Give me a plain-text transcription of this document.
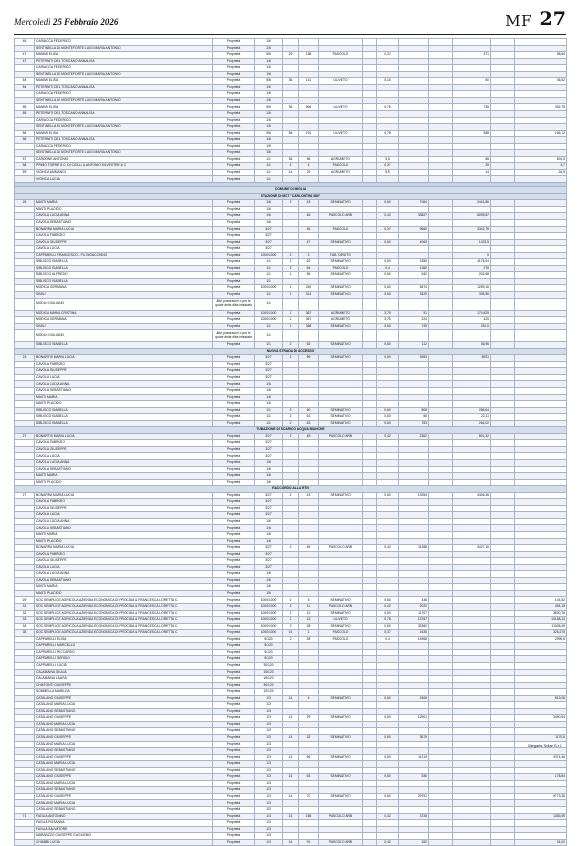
Mercoledì 25 Febbraio 2026	MF 27
46	CARIACCA FEDERICO	Proprietà	1/6										
	SENTINELLA DI MONTEFORTE LUIGI MARIA ANTONIO	Proprietà	1/6										
47	MANIMI ELISA	Proprietà	5/6	29	138	PASCOLO		0,37			371		98,64
47	PETERNITI DEL TOSCANO ANNALISA	Proprietà	1/6										
	CARIACCA FEDERICO	Proprietà	1/6										
	SENTINELLA DI MONTEFORTE LUIGI MARIA ANTONIO	Proprietà	1/6										
54	MANIMI ELISA	Proprietà	5/6	36	141	ULIVETO		0,18			60		36,52
54	PETERNITI DEL TOSCANO ANNALISA	Proprietà	1/6										
	CARIACCA FEDERICO	Proprietà	1/6										
	SENTINELLA DI MONTEFORTE LUIGI MARIA ANTONIO	Proprietà	1/6										
55	MANIMI ELISA	Proprietà	5/6	36	964	ULIVETO		0,75			735		392,75
55	PETERNITI DEL TOSCANO ANNALISA	Proprietà	1/6										
	CARIACCA FEDERICO	Proprietà	1/6										
	SENTINELLA DI MONTEFORTE LUIGI MARIA ANTONIO	Proprietà	1/6										
56	MANIMI ELISA	Proprietà	5/6	36	151	ULIVETO		0,78			588		156,12
56	PETERNITI DEL TOSCANO ANNALISA	Proprietà	1/6										
	CARIACCA FEDERICO	Proprietà	1/6										
	SENTINELLA DI MONTEFORTE LUIGI MARIA ANTONIO	Proprietà	1/6										
57	CARDONE ANTONIO	Proprietà	1/1	36	56	AGRUMETO		5,5			58		601,5
58	PRIMO TORRE S.C. DI CIOLLI & ANTONIO SILVESTRE & C	Proprietà	1/1	4	4	PASCOLO		0,37			26		3,7
59	VICINCA AMMANGI	Proprietà	1/1	14	29	AGRUMETO		5,5			14		24,5
	VICINCA LUCIA	Proprietà	1/1										

COMUNE DI MIGLIA													
STAZIONE DI MCT "CARLONTINI 380"													
25	MASTI MARIA	Proprietà	1/6	2	43	SEMINATIVO		0,60	7084		2441,86		
	MASTI PLACIDO	Proprietà	1/6										
	CAVOLA LUCIA ANNA	Proprietà	1/6		45	PASCOLO ARB		0,42	43827		8099,67		
	CAVOLA SEBASTIANO	Proprietà	1/6										
	BONARRA MARIA LUCIA	Proprietà	3/27		45	PASCOLO		0,37	9660		3342,76		
	CAVOLA FABRIZIO	Proprietà	3/27										
	CAVOLA GIUSEPPE	Proprietà	3/27		47	SEMINATIVO		0,60	4063		1423,5		
	CAVOLA LUCIA	Proprietà	3/27										
	CAPPARELLI FRANCESCO - FU GIOACCHINO	Proprietà	1000/1000	2	2	FAB. DIRUTO					0		
	SIBLISCO ISABELLA	Proprietà	1/1	2	62	SEMINATIVO		0,60	2350		4175,04		
	SIBLISCO ISABELLA	Proprietà	1/1	2	64	PASCOLO		0,4	1360		276		
	SIBLISCO ALFREDO	Proprietà	1/1	1	55	SEMINATIVO		0,60	632		202,68		
	SIBLISCO ISABELLA	Proprietà	1/1										
	MODICA GERMANA	Proprietà	1000/1000	1	240	SEMINATIVO		0,60	5674		1259,16		
	SIMILI	Proprietà	1/1	1	314	SEMINATIVO		0,60	3429		336,96		
	MODILI GIULIANO	Altri possessori o per le quote della ditta intestata	1/1										
	MODICA MARIA CRISTINA	Proprietà	1000/1000	1	367	AGRUMETO		3,75	91		170,625		
	MODICA GERMANA	Proprietà	1000/1000	1	367	AGRUMETO		3,75	224		420		
	SIMILI	Proprietà	1/1	1	368	SEMINATIVO		0,60	745		251,6		
	MODILI GIULIANO	Altri possessori o per le quote della ditta intestata	1/1										
	SIBLISCO ISABELLA	Proprietà	1/1	2	62	SEMINATIVO		0,60	112		36,96		
NUOVA STRADA DI ACCESSO													
23	BONARTIS MARIA LUCIA	Proprietà	3/27	2	59	SEMINATIVO		0,60	3983		5921		
	CAVOLA FABRIZIO	Proprietà	3/27										
	CAVOLA GIUSEPPE	Proprietà	3/27										
	CAVOLA LUCIA	Proprietà	3/27										
	CAVOLA LUCIA ANNA	Proprietà	1/6										
	CAVOLA SEBASTIANO	Proprietà	1/6										
	MASTI MARIA	Proprietà	1/6										
	MASTI PLACIDO	Proprietà	1/6										
	SIBLISCO ISABELLA	Proprietà	1/1	2	60	SEMINATIVO		0,60	808		266,64		
	SIBLISCO ISABELLA	Proprietà	1/1	2	61	SEMINATIVO		0,60	66		22,11		
	SIBLISCO ISABELLA	Proprietà	1/1	2	63	SEMINATIVO		0,60	783		264,02		
TUBAZIONE DI SCARICO ACQUA BIANCHE													
27	BONARTIS MARIA LUCIA	Proprietà	3/27	2	45	PASCOLO ARB		0,42	2362		801,32		
	CAVOLA FABRIZIO	Proprietà	3/27										
	CAVOLA GIUSEPPE	Proprietà	3/27										
	CAVOLA LUCIA	Proprietà	3/27										
	CAVOLA LUCIA ANNA	Proprietà	1/6										
	CAVOLA SEBASTIANO	Proprietà	1/6										
	MASTI MARIA	Proprietà	1/6										
	MASTI PLACIDO	Proprietà	1/6										
RACCORDO ALLA RTN													
27	BONARRA MARIA LUCIA	Proprietà	3/27	2	43	SEMINATIVO		0,60	13354		4406,36		
	CAVOLA FABRIZIO	Proprietà	3/27										
	CAVOLA GIUSEPPE	Proprietà	3/27										
	CAVOLA LUCIA	Proprietà	3/27										
	CAVOLA LUCIA ANNA	Proprietà	1/6										
	CAVOLA SEBASTIANO	Proprietà	1/6										
	MASTI MARIA	Proprietà	1/6										
	MASTI PLACIDO	Proprietà	1/6										
	BONARRA MARIA LUCIA	Proprietà	3/27	2	45	PASCOLO ARB		0,42	11358		3427,16		
	CAVOLA FABRIZIO	Proprietà	3/27										
	CAVOLA GIUSEPPE	Proprietà	3/27										
	CAVOLA LUCIA	Proprietà	3/27										
	CAVOLA LUCIA ANNA	Proprietà	1/6										
	CAVOLA SEBASTIANO	Proprietà	1/6										
	MASTI MARIA	Proprietà	1/6										
	MASTI PLACIDO	Proprietà	1/6										
29	SOC.SEMPLICE AGRICOLA AZIENDA ECONOMICA DI PROCIDA & FRANCESCA LORETTA C.	Proprietà	1000/1000	2	5	SEMINATIVO		0,60	436				144,52
31	SOC.SEMPLICE AGRICOLA AZIENDA ECONOMICA DI PROCIDA & FRANCESCA LORETTA C.	Proprietà	1000/1000	2	11	PASCOLO ARB		0,42	2020				494,15
32	SOC.SEMPLICE AGRICOLA AZIENDA ECONOMICA DI PROCIDA & FRANCESCA LORETTA C.	Proprietà	1000/1000	2	12	SEMINATIVO		0,60	11707				3830,76
33	SOC.SEMPLICE AGRICOLA AZIENDA ECONOMICA DI PROCIDA & FRANCESCA LORETTA C.	Proprietà	1000/1000	2	13	ULIVETO		0,78	13767				10188,13
34	SOC.SEMPLICE AGRICOLA AZIENDA ECONOMICA DI PROCIDA & FRANCESCA LORETTA C.	Proprietà	1000/1000	2	28	SEMINATIVO		0,60	33360				11005,49
35	SOC.SEMPLICE AGRICOLA AZIENDA ECONOMICA DI PROCIDA & FRANCESCA LORETTA C.	Proprietà	1000/1000	14	1	PASCOLO		0,37	1635				326,275
	CAPPARELLI ELISA	Proprietà	5/120	2	28	PASCOLO		0,4	14968				2990,6
	CAPPARELLI MARCELLO	Proprietà	5/120										
	CAPPARELLI RICCARDO	Proprietà	5/120										
	CAPPARELLI SERGIO	Proprietà	5/120										
	CAPPARELLI LUCIA	Proprietà	30/120										
	CALAMAINA GIULIA	Proprietà	15/120										
	CALAMAINA LAURA	Proprietà	15/120										
	CHIATONTI GIUSEPPE	Proprietà	30/120										
	SOMMELLA MARILDA	Proprietà	10/120										
	CATALANO GIUSEPPE	Proprietà	1/3	14	4	SEMINATIVO		0,60	2408				813,08
	CATALANO MARIA LUCIA	Proprietà	1/3										
	CATALANO SEBASTIANO	Proprietà	1/3										
	CATALANO GIUSEPPE	Proprietà	1/3	14	29	SEMINATIVO		0,60	12901				3490,54
	CATALANO MARIA LUCIA	Proprietà	1/3										
	CATALANO SEBASTIANO	Proprietà	1/3										
	CATALANO GIUSEPPE	Proprietà	1/3	14	32	SEMINATIVO		0,60	3679				1170,6
	CATALANO MARIA LUCIA	Proprietà	1/3										
	CATALANO SEBASTIANO	Proprietà	1/3										
	CATALANO GIUSEPPE	Proprietà	1/3	14	65	SEMINATIVO		0,60	11219				3374,46
	CATALANO MARIA LUCIA	Proprietà	1/3										
	CATALANO SEBASTIANO	Proprietà	1/3										
	CATALANO GIUSEPPE	Proprietà	1/3	14	63	SEMINATIVO		0,60	536				178,84
	CATALANO MARIA LUCIA	Proprietà	1/3										
	CATALANO SEBASTIANO	Proprietà	1/3										
	CATALANO GIUSEPPE	Proprietà	1/3	14	70	SEMINATIVO		0,60	29751				9773,36
	CATALANO MARIA LUCIA	Proprietà	1/3										
	CATALANO SEBASTIANO	Proprietà	1/3										
71	FAGLIA ANTONINO	Proprietà	1/3	14	155	PASCOLO ARB		0,42	3728				1383,09
	FAGLIA ROSANNA	Proprietà	1/3										
	FAGLIA SALVATORE	Proprietà	1/3										
	MARANZZO GIUSEPPE GUGLIEMO	Proprietà	1/3										
	CHIABBI LUCIA	Proprietà	1/3	14	91	PASCOLO ARB		0,42	182				34,02
Megaris Solar S.r.l.
